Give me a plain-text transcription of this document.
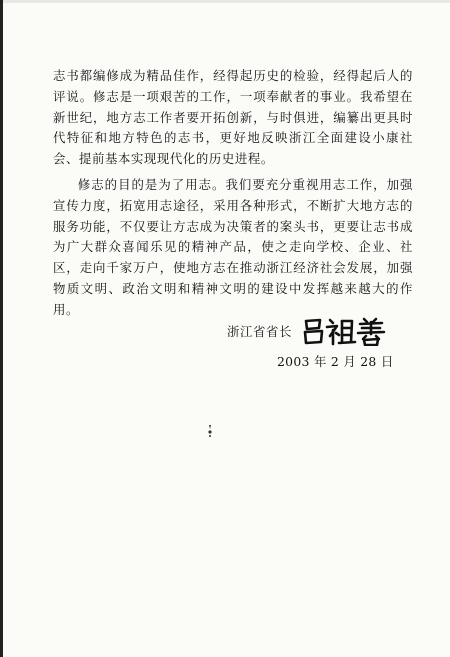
志书都编修成为精品佳作，经得起历史的检验，经得起后人的评说。修志是一项艰苦的工作，一项奉献者的事业。我希望在新世纪，地方志工作者要开拓创新，与时俱进，编纂出更具时代特征和地方特色的志书，更好地反映浙江全面建设小康社会、提前基本实现现代化的历史进程。

修志的目的是为了用志。我们要充分重视用志工作，加强宣传力度，拓宽用志途径，采用各种形式，不断扩大地方志的服务功能，不仅要让方志成为决策者的案头书，更要让志书成为广大群众喜闻乐见的精神产品，使之走向学校、企业、社区，走向千家万户，使地方志在推动浙江经济社会发展，加强物质文明、政治文明和精神文明的建设中发挥越来越大的作用。

浙江省省长
2003 年 2 月 28 日
